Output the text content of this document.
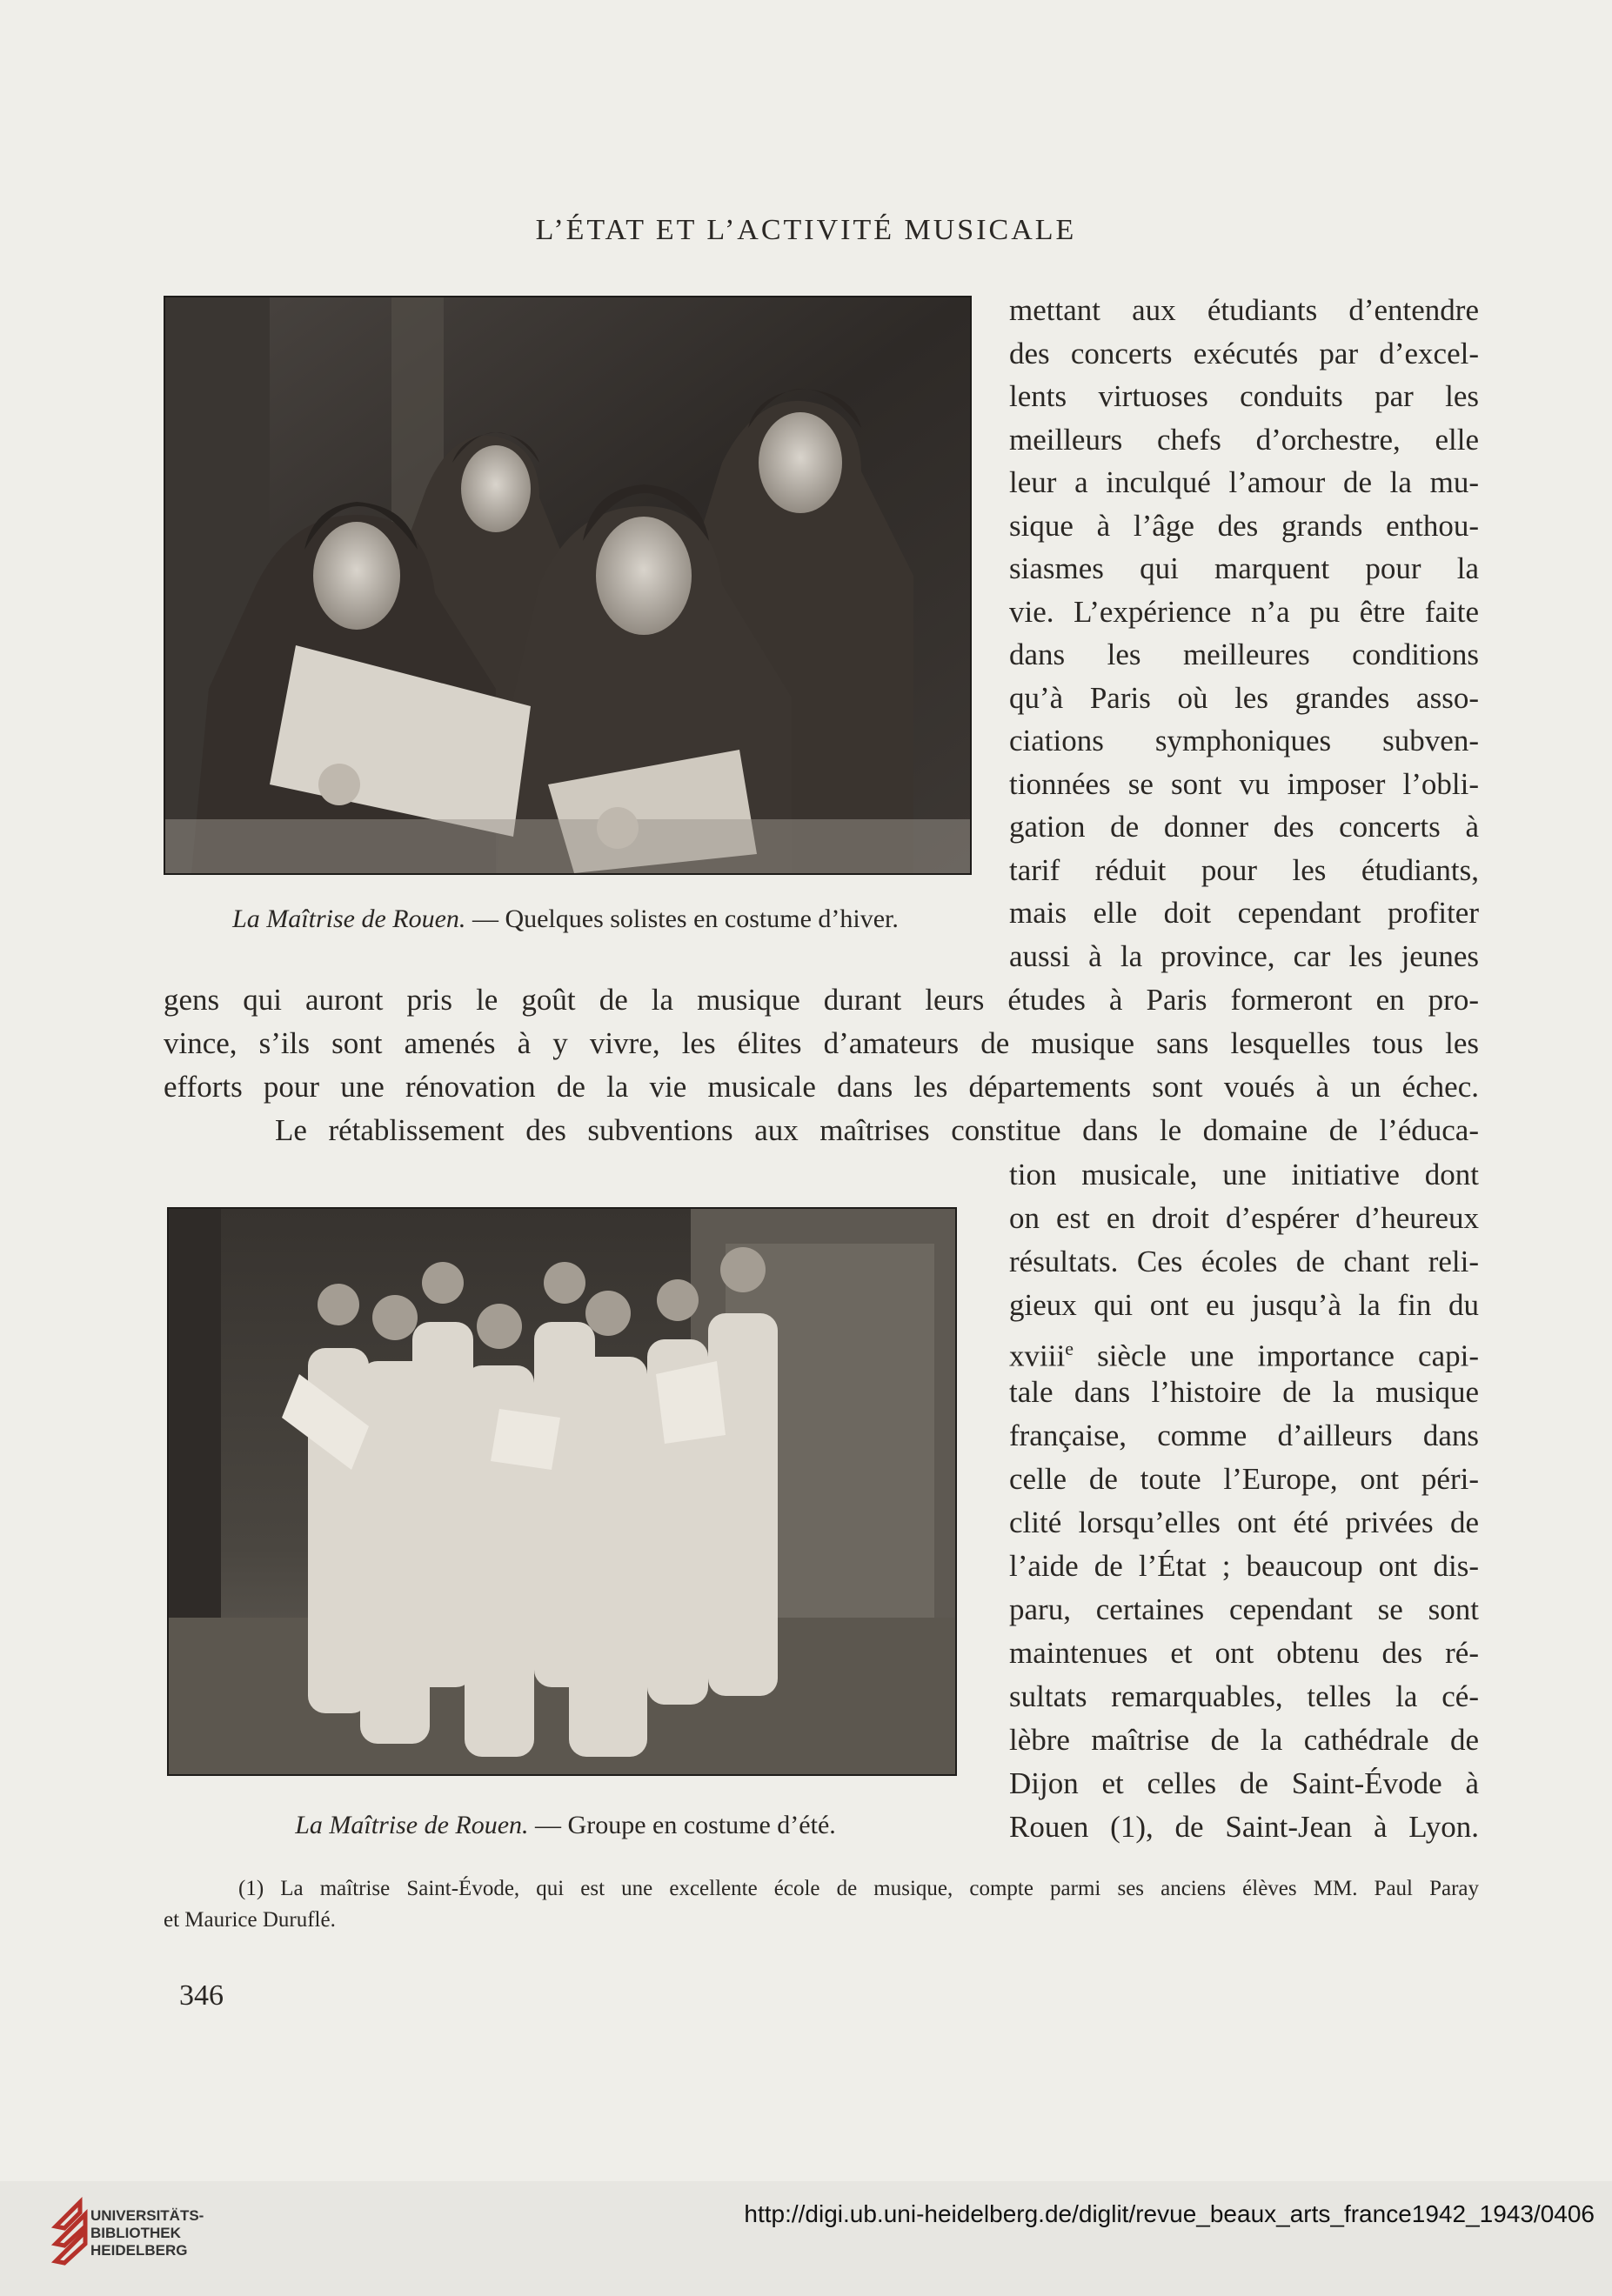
L’ÉTAT ET L’ACTIVITÉ MUSICALE
La Maîtrise de Rouen. — Quelques solistes en costume d’hiver.
La Maîtrise de Rouen. — Groupe en costume d’été.
mettant aux étudiants d’entendre
des concerts exécutés par d’excel-
lents virtuoses conduits par les
meilleurs chefs d’orchestre, elle
leur a inculqué l’amour de la mu-
sique à l’âge des grands enthou-
siasmes qui marquent pour la
vie. L’expérience n’a pu être faite
dans les meilleures conditions
qu’à Paris où les grandes asso-
ciations symphoniques subven-
tionnées se sont vu imposer l’obli-
gation de donner des concerts à
tarif réduit pour les étudiants,
mais elle doit cependant profiter
aussi à la province, car les jeunes
gens qui auront pris le goût de la musique durant leurs études à Paris formeront en pro-
vince, s’ils sont amenés à y vivre, les élites d’amateurs de musique sans lesquelles tous les
efforts pour une rénovation de la vie musicale dans les départements sont voués à un échec.
Le rétablissement des subventions aux maîtrises constitue dans le domaine de l’éduca-
tion musicale, une initiative dont
on est en droit d’espérer d’heureux
résultats. Ces écoles de chant reli-
gieux qui ont eu jusqu’à la fin du
xviii$^e$ siècle une importance capi-
tale dans l’histoire de la musique
française, comme d’ailleurs dans
celle de toute l’Europe, ont péri-
clité lorsqu’elles ont été privées de
l’aide de l’État ; beaucoup ont dis-
paru, certaines cependant se sont
maintenues et ont obtenu des ré-
sultats remarquables, telles la cé-
lèbre maîtrise de la cathédrale de
Dijon et celles de Saint-Évode à
Rouen (1), de Saint-Jean à Lyon.
(1) La maîtrise Saint-Évode, qui est une excellente école de musique, compte parmi ses anciens élèves MM. Paul Paray
et Maurice Duruflé.
346
UNIVERSITÄTS-
BIBLIOTHEK
HEIDELBERG
http://digi.ub.uni-heidelberg.de/diglit/revue_beaux_arts_france1942_1943/0406
